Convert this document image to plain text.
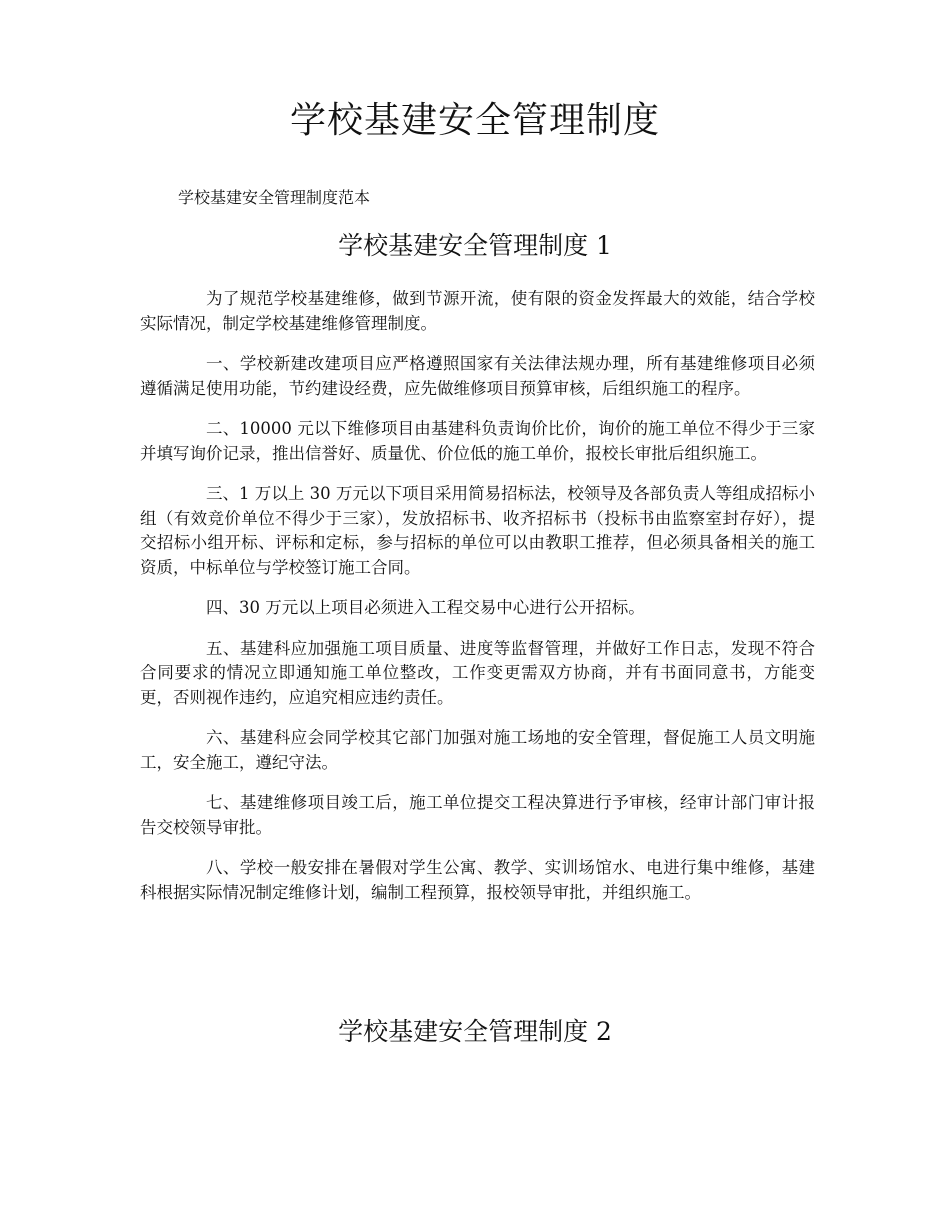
学校基建安全管理制度

学校基建安全管理制度范本

学校基建安全管理制度 1

为了规范学校基建维修，做到节源开流，使有限的资金发挥最大的效能，结合学校实际情况，制定学校基建维修管理制度。

一、学校新建改建项目应严格遵照国家有关法律法规办理，所有基建维修项目必须遵循满足使用功能，节约建设经费，应先做维修项目预算审核，后组织施工的程序。

二、10000 元以下维修项目由基建科负责询价比价，询价的施工单位不得少于三家并填写询价记录，推出信誉好、质量优、价位低的施工单价，报校长审批后组织施工。

三、1 万以上 30 万元以下项目采用简易招标法，校领导及各部负责人等组成招标小组（有效竞价单位不得少于三家），发放招标书、收齐招标书（投标书由监察室封存好），提交招标小组开标、评标和定标，参与招标的单位可以由教职工推荐，但必须具备相关的施工资质，中标单位与学校签订施工合同。

四、30 万元以上项目必须进入工程交易中心进行公开招标。

五、基建科应加强施工项目质量、进度等监督管理，并做好工作日志，发现不符合合同要求的情况立即通知施工单位整改，工作变更需双方协商，并有书面同意书，方能变更，否则视作违约，应追究相应违约责任。

六、基建科应会同学校其它部门加强对施工场地的安全管理，督促施工人员文明施工，安全施工，遵纪守法。

七、基建维修项目竣工后，施工单位提交工程决算进行予审核，经审计部门审计报告交校领导审批。

八、学校一般安排在暑假对学生公寓、教学、实训场馆水、电进行集中维修，基建科根据实际情况制定维修计划，编制工程预算，报校领导审批，并组织施工。

学校基建安全管理制度 2
